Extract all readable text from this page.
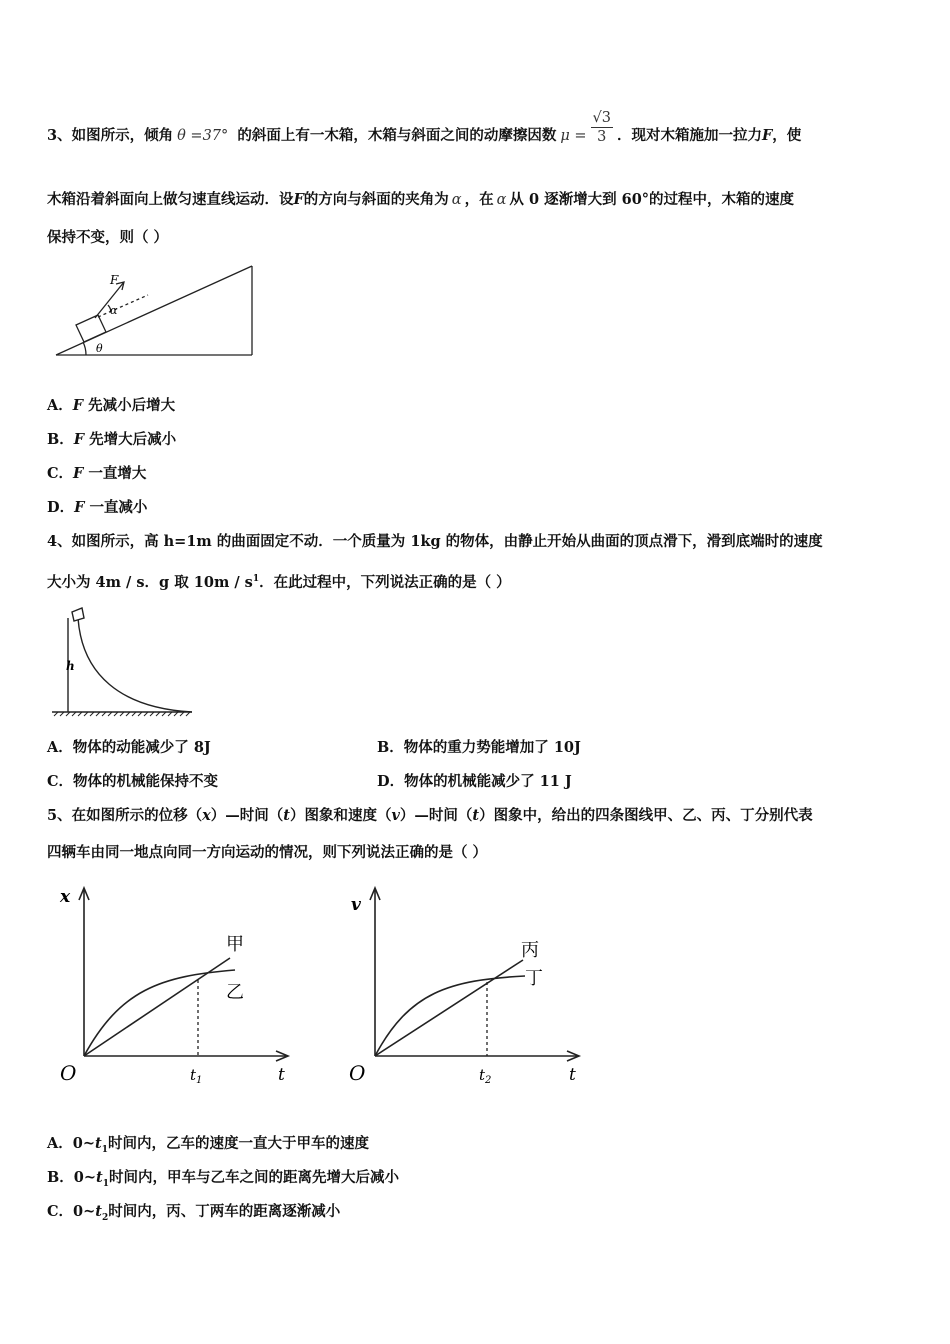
3、如图所示，倾角 θ =37° 的斜面上有一木箱，木箱与斜面之间的动摩擦因数 $\mu = \frac{√3}{3}$ ．现对木箱施加一拉力F，使
木箱沿着斜面向上做匀速直线运动．设F的方向与斜面的夹角为 α ，在 α 从 0 逐渐增大到 60°的过程中，木箱的速度
保持不变，则（ ）
F
α
θ
A．F 先减小后增大
B．F 先增大后减小
C．F 一直增大
D．F 一直减小
4、如图所示，高 h=1m 的曲面固定不动．一个质量为 1kg 的物体，由静止开始从曲面的顶点滑下，滑到底端时的速度
大小为 4m / s．g 取 $10m / s^1$．在此过程中，下列说法正确的是（ ）
h
A．物体的动能减少了 8J	B．物体的重力势能增加了 10J
C．物体的机械能保持不变	D．物体的机械能减少了 11 J
5、在如图所示的位移（x）—时间（t）图象和速度（v）—时间（t）图象中，给出的四条图线甲、乙、丙、丁分别代表
四辆车由同一地点向同一方向运动的情况，则下列说法正确的是（ ）
x
t
O	$t_1$
甲
乙
v
t
O	$t_2$
丙
丁
A．$0\sim t_1$时间内，乙车的速度一直大于甲车的速度
B．$0\sim t_1$时间内，甲车与乙车之间的距离先增大后减小
C．$0\sim t_2$时间内，丙、丁两车的距离逐渐减小
